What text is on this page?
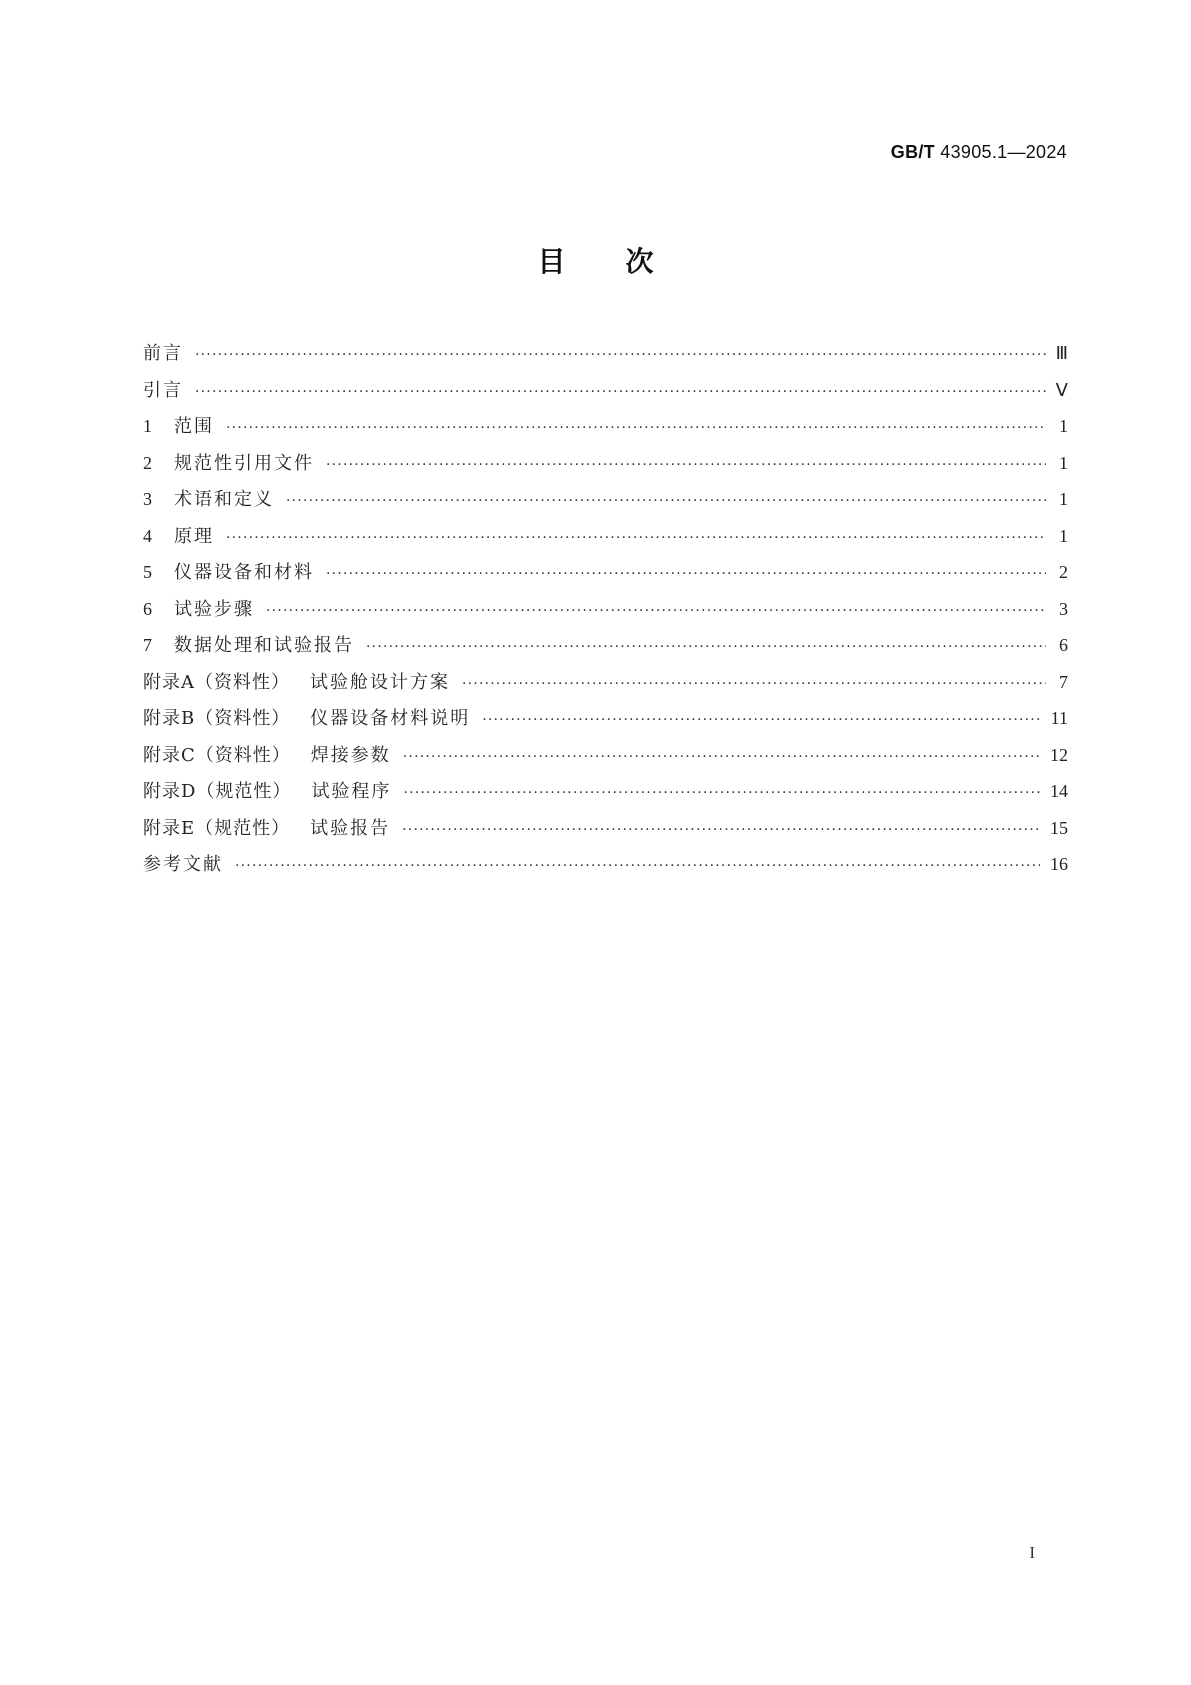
GB/T 43905.1—2024
目次
前言 ·····	Ⅲ
引言 ·····	Ⅴ
1	范围 ·····	1
2	规范性引用文件 ·····	1
3	术语和定义 ·····	1
4	原理 ·····	1
5	仪器设备和材料 ·····	2
6	试验步骤 ·····	3
7	数据处理和试验报告 ·····	6
附录A（资料性） 试验舱设计方案 ·····	7
附录B（资料性） 仪器设备材料说明 ·····	11
附录C（资料性） 焊接参数 ·····	12
附录D（规范性） 试验程序 ·····	14
附录E（规范性） 试验报告 ·····	15
参考文献 ·····	16
I
